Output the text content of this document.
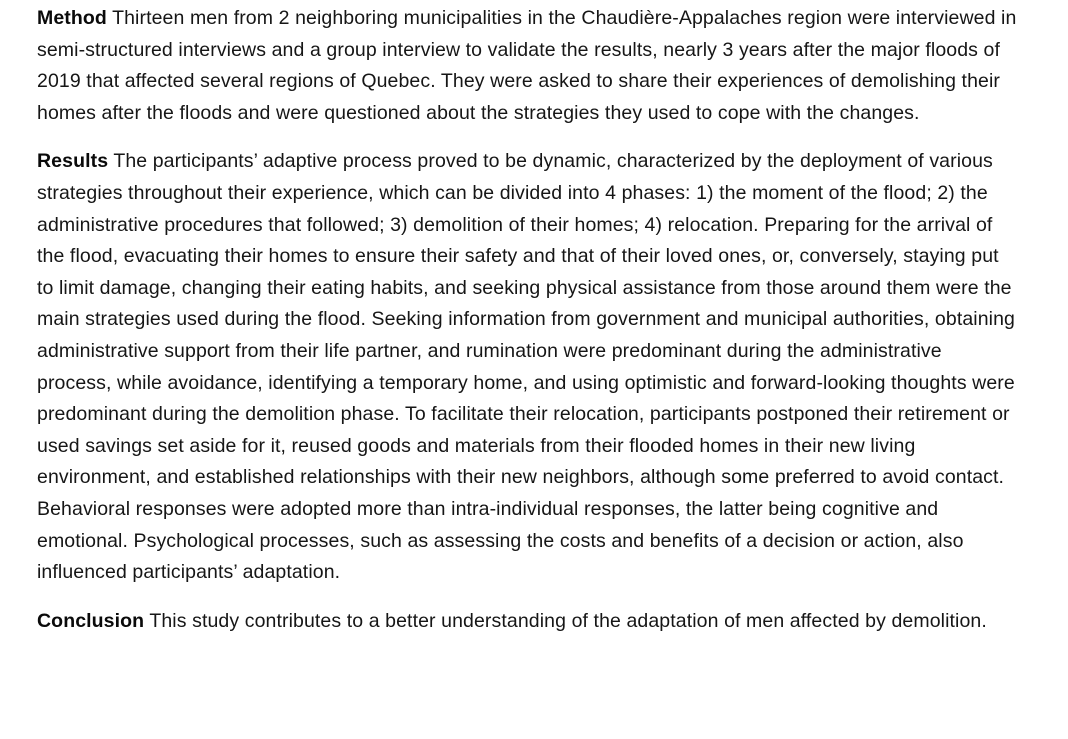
Method Thirteen men from 2 neighboring municipalities in the Chaudière-Appalaches region were interviewed in semi-structured interviews and a group interview to validate the results, nearly 3 years after the major floods of 2019 that affected several regions of Quebec. They were asked to share their experiences of demolishing their homes after the floods and were questioned about the strategies they used to cope with the changes.

Results The participants’ adaptive process proved to be dynamic, characterized by the deployment of various strategies throughout their experience, which can be divided into 4 phases: 1) the moment of the flood; 2) the administrative procedures that followed; 3) demolition of their homes; 4) relocation. Preparing for the arrival of the flood, evacuating their homes to ensure their safety and that of their loved ones, or, conversely, staying put to limit damage, changing their eating habits, and seeking physical assistance from those around them were the main strategies used during the flood. Seeking information from government and municipal authorities, obtaining administrative support from their life partner, and rumination were predominant during the administrative process, while avoidance, identifying a temporary home, and using optimistic and forward-looking thoughts were predominant during the demolition phase. To facilitate their relocation, participants postponed their retirement or used savings set aside for it, reused goods and materials from their flooded homes in their new living environment, and established relationships with their new neighbors, although some preferred to avoid contact. Behavioral responses were adopted more than intra-individual responses, the latter being cognitive and emotional. Psychological processes, such as assessing the costs and benefits of a decision or action, also influenced participants’ adaptation.

Conclusion This study contributes to a better understanding of the adaptation of men affected by demolition.
